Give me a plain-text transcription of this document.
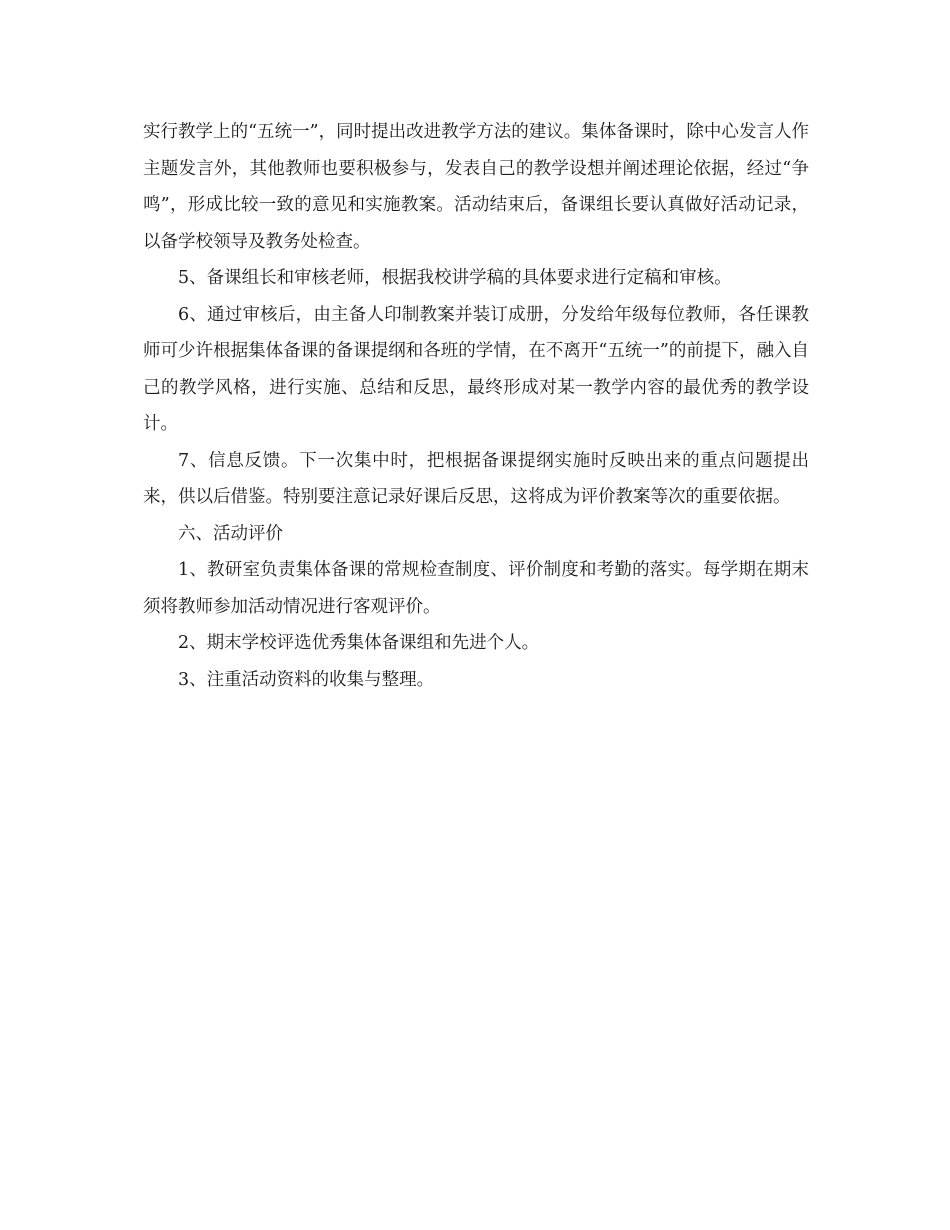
实行教学上的“五统一”，同时提出改进教学方法的建议。集体备课时，除中心发言人作主题发言外，其他教师也要积极参与，发表自己的教学设想并阐述理论依据，经过“争鸣”，形成比较一致的意见和实施教案。活动结束后，备课组长要认真做好活动记录，以备学校领导及教务处检查。

5、备课组长和审核老师，根据我校讲学稿的具体要求进行定稿和审核。

6、通过审核后，由主备人印制教案并装订成册，分发给年级每位教师，各任课教师可少许根据集体备课的备课提纲和各班的学情，在不离开“五统一”的前提下，融入自己的教学风格，进行实施、总结和反思，最终形成对某一教学内容的最优秀的教学设计。

7、信息反馈。下一次集中时，把根据备课提纲实施时反映出来的重点问题提出来，供以后借鉴。特别要注意记录好课后反思，这将成为评价教案等次的重要依据。

六、活动评价

1、教研室负责集体备课的常规检查制度、评价制度和考勤的落实。每学期在期末须将教师参加活动情况进行客观评价。

2、期末学校评选优秀集体备课组和先进个人。

3、注重活动资料的收集与整理。
